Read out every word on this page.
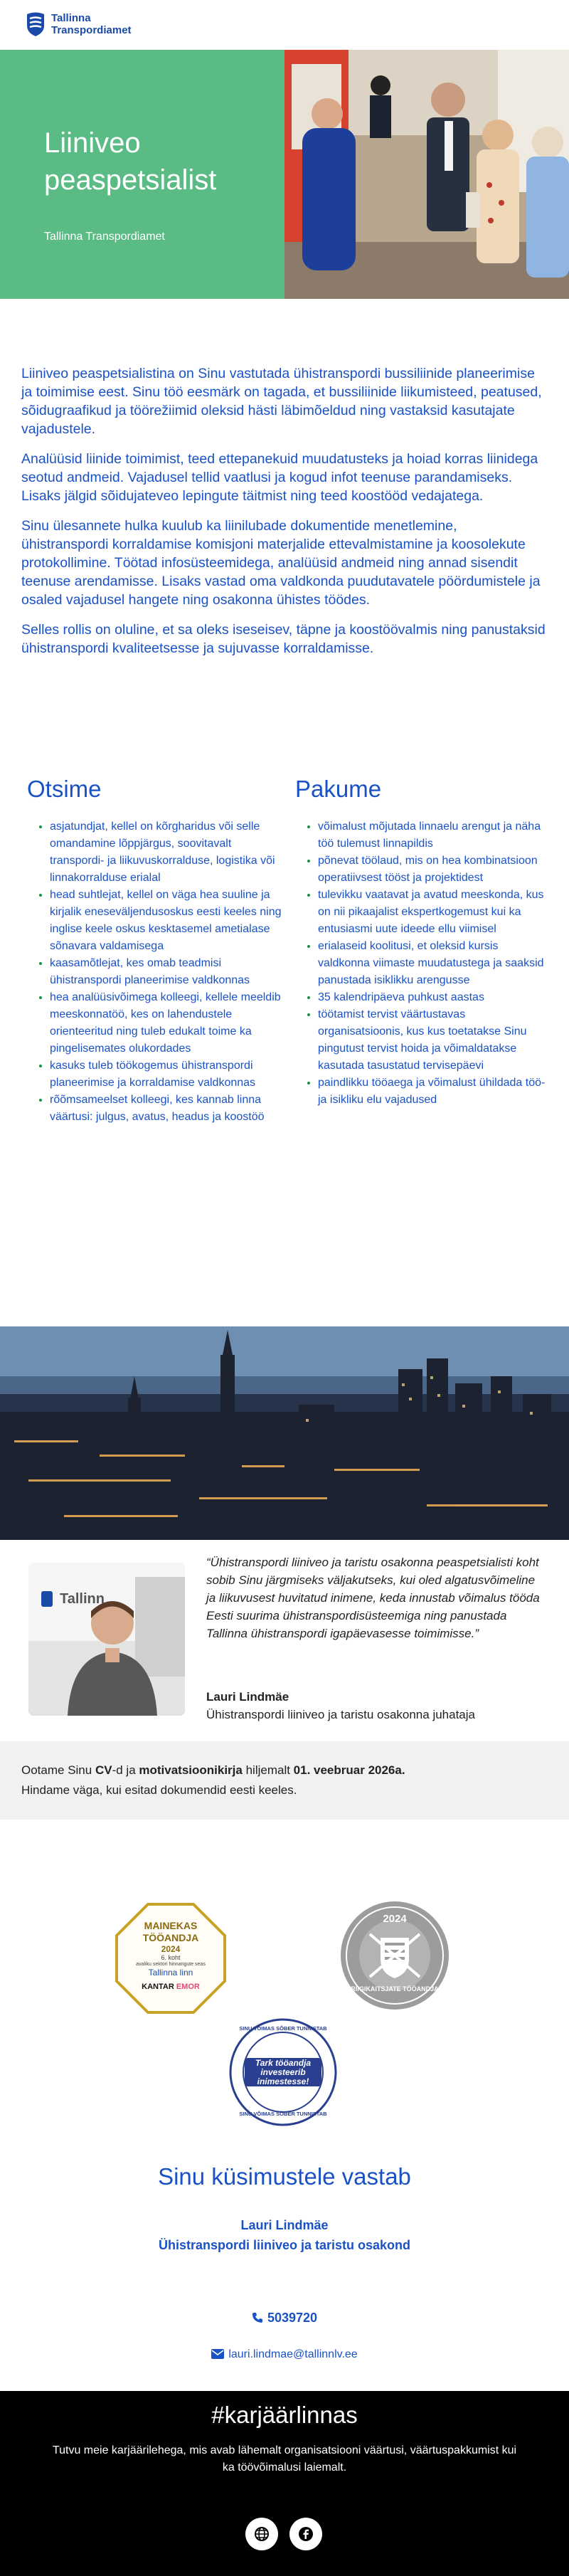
Tallinna
Transpordiamet
Liiniveo peaspetsialist
Tallinna Transpordiamet

Liiniveo peaspetsialistina on Sinu vastutada ühistranspordi bussiliinide planeerimise ja toimimise eest. Sinu töö eesmärk on tagada, et bussiliinide liikumisteed, peatused, sõidugraafikud ja töörežiimid oleksid hästi läbimõeldud ning vastaksid kasutajate vajadustele.

Analüüsid liinide toimimist, teed ettepanekuid muudatusteks ja hoiad korras liinidega seotud andmeid. Vajadusel tellid vaatlusi ja kogud infot teenuse parandamiseks. Lisaks jälgid sõidujateveo lepingute täitmist ning teed koostööd vedajatega.

Sinu ülesannete hulka kuulub ka liinilubade dokumentide menetlemine, ühistranspordi korraldamise komisjoni materjalide ettevalmistamine ja koosolekute protokollimine. Töötad infosüsteemidega, analüüsid andmeid ning annad sisendit teenuse arendamisse. Lisaks vastad oma valdkonda puudutavatele pöördumistele ja osaled vajadusel hangete ning osakonna ühistes töödes.

Selles rollis on oluline, et sa oleks iseseisev, täpne ja koostöövalmis ning panustaksid ühistranspordi kvaliteetsesse ja sujuvasse korraldamisse.

Otsime
• asjatundjat, kellel on kõrgharidus või selle omandamine lõppjärgus, soovitavalt transpordi- ja liikuvuskorralduse, logistika või linnakorralduse erialal
• head suhtlejat, kellel on väga hea suuline ja kirjalik eneseväljendusoskus eesti keeles ning inglise keele oskus kesktasemel ametialase sõnavara valdamisega
• kaasamõtlejat, kes omab teadmisi ühistranspordi planeerimise valdkonnas
• hea analüüsivõimega kolleegi, kellele meeldib meeskonnatöö, kes on lahendustele orienteeritud ning tuleb edukalt toime ka pingelisemates olukordades
• kasuks tuleb töökogemus ühistranspordi planeerimise ja korraldamise valdkonnas
• rõõmsameelset kolleegi, kes kannab linna väärtusi: julgus, avatus, headus ja koostöö
Pakume
• võimalust mõjutada linnaelu arengut ja näha töö tulemust linnapildis
• põnevat töölaud, mis on hea kombinatsioon operatiivsest tööst ja projektidest
• tulevikku vaatavat ja avatud meeskonda, kus on nii pikaajalist ekspertkogemust kui ka entusiasmi uute ideede ellu viimisel
• erialaseid koolitusi, et oleksid kursis valdkonna viimaste muudatustega ja saaksid panustada isiklikku arengusse
• 35 kalendripäeva puhkust aastas
• töötamist tervist väärtustavas organisatsioonis, kus kus toetatakse Sinu pingutust tervist hoida ja võimaldatakse kasutada tasustatud tervisepäevi
• paindlikku tööaega ja võimalust ühildada töö- ja isikliku elu vajadused
Tallinn
“Ühistranspordi liiniveo ja taristu osakonna peaspetsialisti koht sobib Sinu järgmiseks väljakutseks, kui oled algatusvõimeline ja liikuvusest huvitatud inimene, keda innustab võimalus tööda Eesti suurima ühistranspordisüsteemiga ning panustada Tallinna ühistranspordi igapäevasesse toimimisse.”
Lauri Lindmäe
Ühistranspordi liiniveo ja taristu osakonna juhataja
Ootame Sinu CV-d ja motivatsioonikirja hiljemalt 01. veebruar 2026a.
Hindame väga, kui esitad dokumendid eesti keeles.
MAINEKAS
TÖÖANDJA
2024
6. koht
avaliku sektori hinnangute seas
Tallinna linn
KANTAR EMOR
2024
RIIGIKAITSJATE TÖÖANDJA
SINU VÕIMAS SÕBER TUNNISTAB
Tark tööandja
investeerib
inimestesse!
SINU VÕIMAS SÕBER TUNNISTAB
Sinu küsimustele vastab
Lauri Lindmäe
Ühistranspordi liiniveo ja taristu osakond
5039720
lauri.lindmae@tallinnlv.ee
#karjäärlinnas
Tutvu meie karjäärilehega, mis avab lähemalt organisatsiooni väärtusi, väärtuspakkumist kui ka töövõimalusi laiemalt.
